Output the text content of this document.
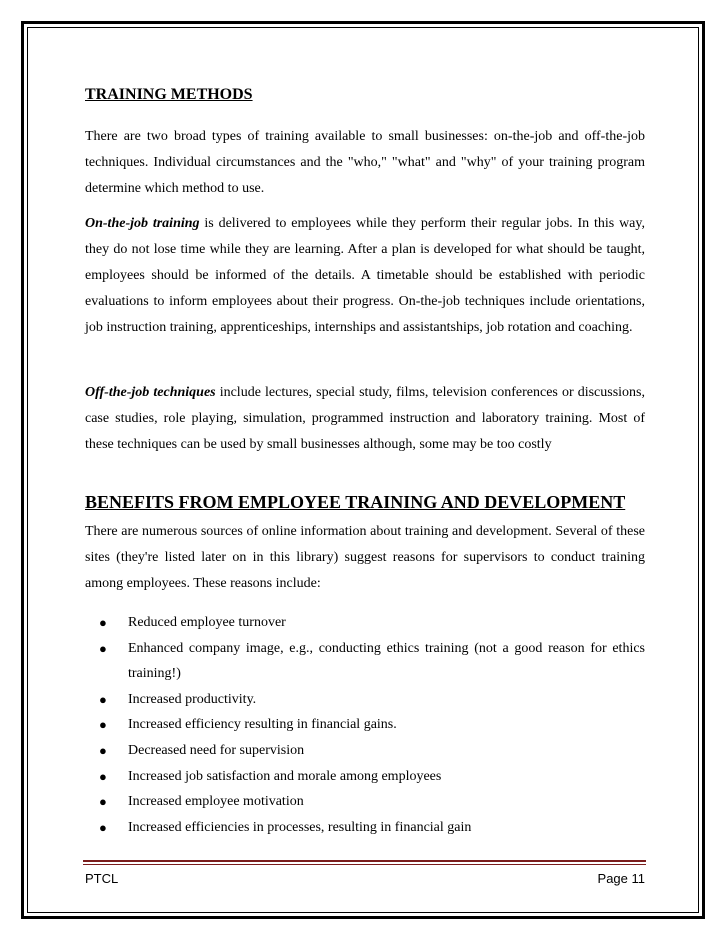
TRAINING METHODS

There are two broad types of training available to small businesses: on-the-job and off-the-job techniques. Individual circumstances and the "who," "what" and "why" of your training program determine which method to use.

On-the-job training is delivered to employees while they perform their regular jobs. In this way, they do not lose time while they are learning. After a plan is developed for what should be taught, employees should be informed of the details. A timetable should be established with periodic evaluations to inform employees about their progress. On-the-job techniques include orientations, job instruction training, apprenticeships, internships and assistantships, job rotation and coaching.

Off-the-job techniques include lectures, special study, films, television conferences or discussions, case studies, role playing, simulation, programmed instruction and laboratory training. Most of these techniques can be used by small businesses although, some may be too costly

BENEFITS FROM EMPLOYEE TRAINING AND DEVELOPMENT

There are numerous sources of online information about training and development. Several of these sites (they're listed later on in this library) suggest reasons for supervisors to conduct training among employees. These reasons include:

● Reduced employee turnover
● Enhanced company image, e.g., conducting ethics training (not a good reason for ethics training!)
● Increased productivity.
● Increased efficiency resulting in financial gains.
● Decreased need for supervision
● Increased job satisfaction and morale among employees
● Increased employee motivation
● Increased efficiencies in processes, resulting in financial gain
PTCL	Page 11
